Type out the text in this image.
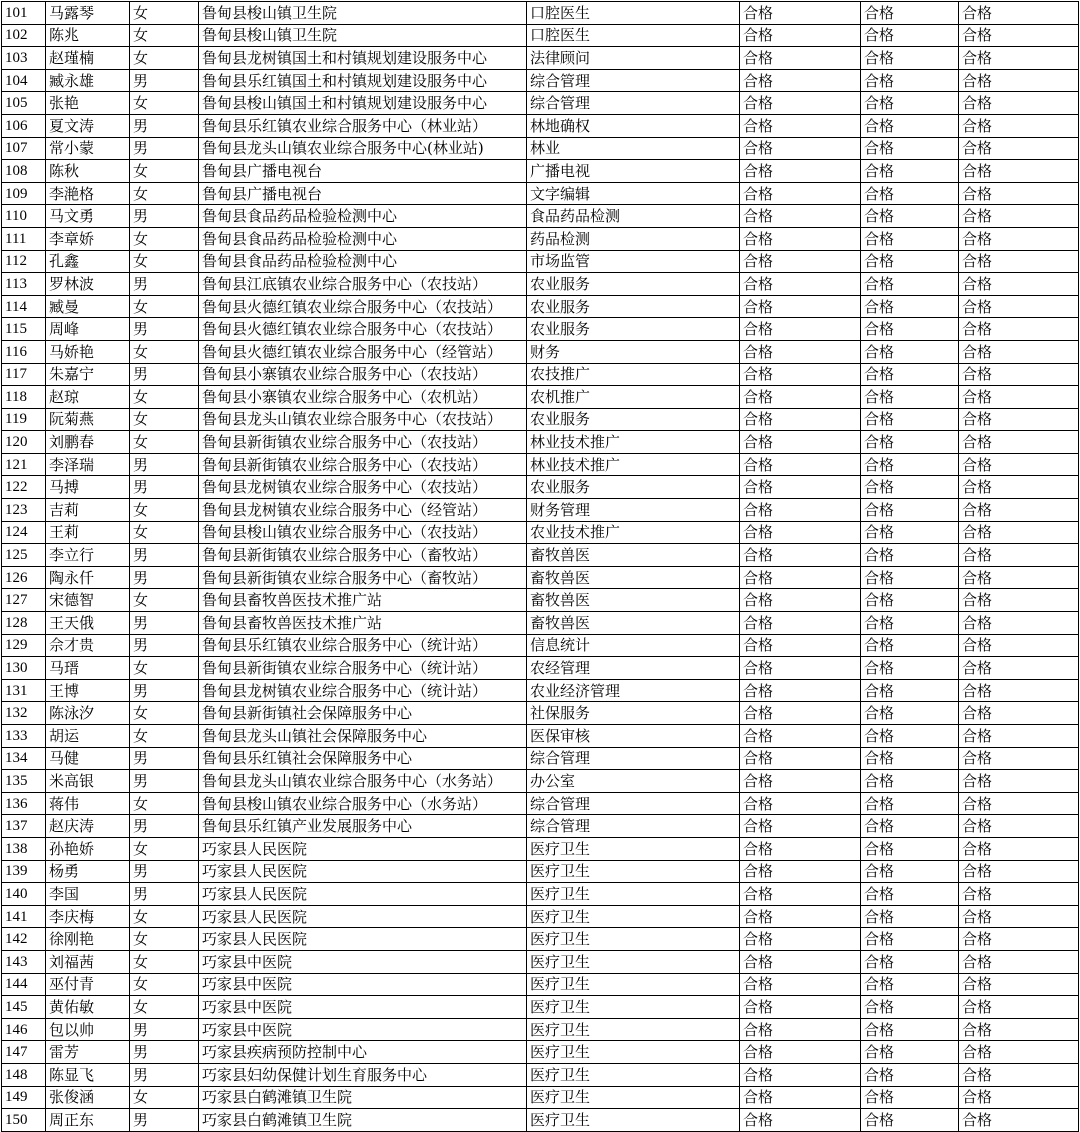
101	马露琴	女	鲁甸县梭山镇卫生院	口腔医生	合格	合格	合格
102	陈兆	女	鲁甸县梭山镇卫生院	口腔医生	合格	合格	合格
103	赵瑾楠	女	鲁甸县龙树镇国土和村镇规划建设服务中心	法律顾问	合格	合格	合格
104	臧永雄	男	鲁甸县乐红镇国土和村镇规划建设服务中心	综合管理	合格	合格	合格
105	张艳	女	鲁甸县梭山镇国土和村镇规划建设服务中心	综合管理	合格	合格	合格
106	夏文涛	男	鲁甸县乐红镇农业综合服务中心（林业站）	林地确权	合格	合格	合格
107	常小蒙	男	鲁甸县龙头山镇农业综合服务中心(林业站)	林业	合格	合格	合格
108	陈秋	女	鲁甸县广播电视台	广播电视	合格	合格	合格
109	李滟格	女	鲁甸县广播电视台	文字编辑	合格	合格	合格
110	马文勇	男	鲁甸县食品药品检验检测中心	食品药品检测	合格	合格	合格
111	李章娇	女	鲁甸县食品药品检验检测中心	药品检测	合格	合格	合格
112	孔鑫	女	鲁甸县食品药品检验检测中心	市场监管	合格	合格	合格
113	罗林波	男	鲁甸县江底镇农业综合服务中心（农技站）	农业服务	合格	合格	合格
114	臧曼	女	鲁甸县火德红镇农业综合服务中心（农技站）	农业服务	合格	合格	合格
115	周峰	男	鲁甸县火德红镇农业综合服务中心（农技站）	农业服务	合格	合格	合格
116	马娇艳	女	鲁甸县火德红镇农业综合服务中心（经管站）	财务	合格	合格	合格
117	朱嘉宁	男	鲁甸县小寨镇农业综合服务中心（农技站）	农技推广	合格	合格	合格
118	赵琼	女	鲁甸县小寨镇农业综合服务中心（农机站）	农机推广	合格	合格	合格
119	阮菊燕	女	鲁甸县龙头山镇农业综合服务中心（农技站）	农业服务	合格	合格	合格
120	刘鹏春	女	鲁甸县新街镇农业综合服务中心（农技站）	林业技术推广	合格	合格	合格
121	李泽瑞	男	鲁甸县新街镇农业综合服务中心（农技站）	林业技术推广	合格	合格	合格
122	马搏	男	鲁甸县龙树镇农业综合服务中心（农技站）	农业服务	合格	合格	合格
123	吉莉	女	鲁甸县龙树镇农业综合服务中心（经管站）	财务管理	合格	合格	合格
124	王莉	女	鲁甸县梭山镇农业综合服务中心（农技站）	农业技术推广	合格	合格	合格
125	李立行	男	鲁甸县新街镇农业综合服务中心（畜牧站）	畜牧兽医	合格	合格	合格
126	陶永仟	男	鲁甸县新街镇农业综合服务中心（畜牧站）	畜牧兽医	合格	合格	合格
127	宋德智	女	鲁甸县畜牧兽医技术推广站	畜牧兽医	合格	合格	合格
128	王天俄	男	鲁甸县畜牧兽医技术推广站	畜牧兽医	合格	合格	合格
129	佘才贵	男	鲁甸县乐红镇农业综合服务中心（统计站）	信息统计	合格	合格	合格
130	马瑨	女	鲁甸县新街镇农业综合服务中心（统计站）	农经管理	合格	合格	合格
131	王博	男	鲁甸县龙树镇农业综合服务中心（统计站）	农业经济管理	合格	合格	合格
132	陈泳汐	女	鲁甸县新街镇社会保障服务中心	社保服务	合格	合格	合格
133	胡运	女	鲁甸县龙头山镇社会保障服务中心	医保审核	合格	合格	合格
134	马健	男	鲁甸县乐红镇社会保障服务中心	综合管理	合格	合格	合格
135	米高银	男	鲁甸县龙头山镇农业综合服务中心（水务站）	办公室	合格	合格	合格
136	蒋伟	女	鲁甸县梭山镇农业综合服务中心（水务站）	综合管理	合格	合格	合格
137	赵庆涛	男	鲁甸县乐红镇产业发展服务中心	综合管理	合格	合格	合格
138	孙艳娇	女	巧家县人民医院	医疗卫生	合格	合格	合格
139	杨勇	男	巧家县人民医院	医疗卫生	合格	合格	合格
140	李国	男	巧家县人民医院	医疗卫生	合格	合格	合格
141	李庆梅	女	巧家县人民医院	医疗卫生	合格	合格	合格
142	徐刚艳	女	巧家县人民医院	医疗卫生	合格	合格	合格
143	刘福茜	女	巧家县中医院	医疗卫生	合格	合格	合格
144	巫付青	女	巧家县中医院	医疗卫生	合格	合格	合格
145	黄佑敏	女	巧家县中医院	医疗卫生	合格	合格	合格
146	包以帅	男	巧家县中医院	医疗卫生	合格	合格	合格
147	雷芳	男	巧家县疾病预防控制中心	医疗卫生	合格	合格	合格
148	陈显飞	男	巧家县妇幼保健计划生育服务中心	医疗卫生	合格	合格	合格
149	张俊涵	女	巧家县白鹤滩镇卫生院	医疗卫生	合格	合格	合格
150	周正东	男	巧家县白鹤滩镇卫生院	医疗卫生	合格	合格	合格
